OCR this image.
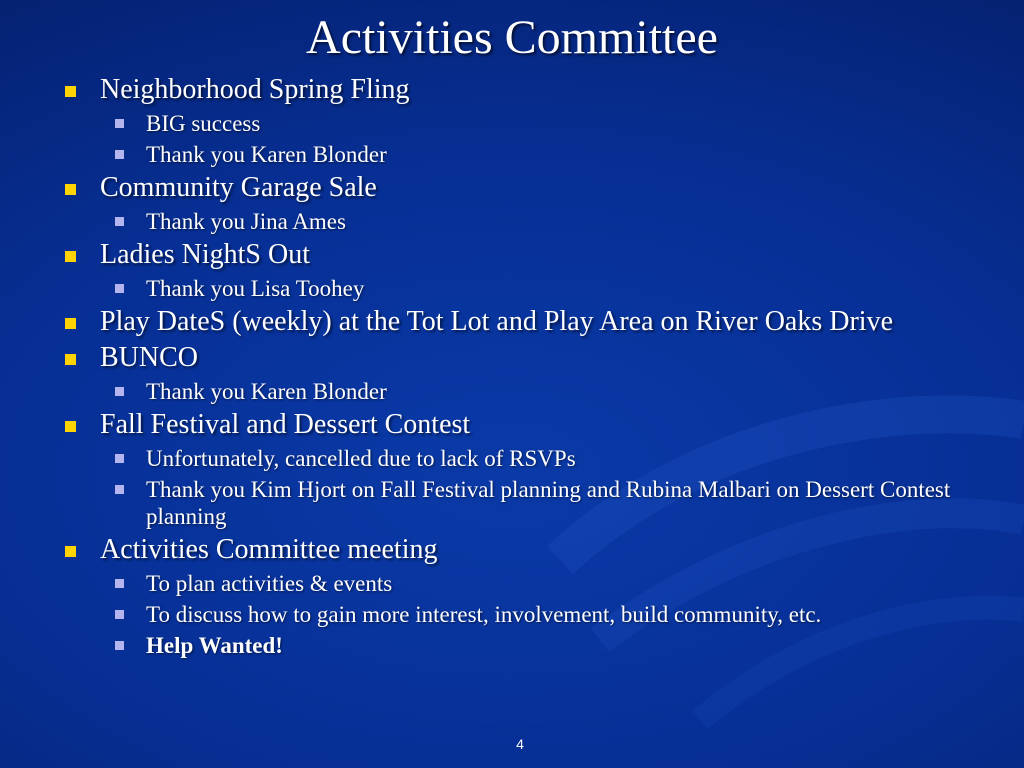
Activities Committee
Neighborhood Spring Fling
BIG success
Thank you Karen Blonder
Community Garage Sale
Thank you Jina Ames
Ladies NightS Out
Thank you Lisa Toohey
Play DateS (weekly) at the Tot Lot and Play Area on River Oaks Drive
BUNCO
Thank you Karen Blonder
Fall Festival and Dessert Contest
Unfortunately, cancelled due to lack of RSVPs
Thank you Kim Hjort on Fall Festival planning and Rubina Malbari on Dessert Contest planning
Activities Committee meeting
To plan activities & events
To discuss how to gain more interest, involvement, build community, etc.
Help Wanted!
4
